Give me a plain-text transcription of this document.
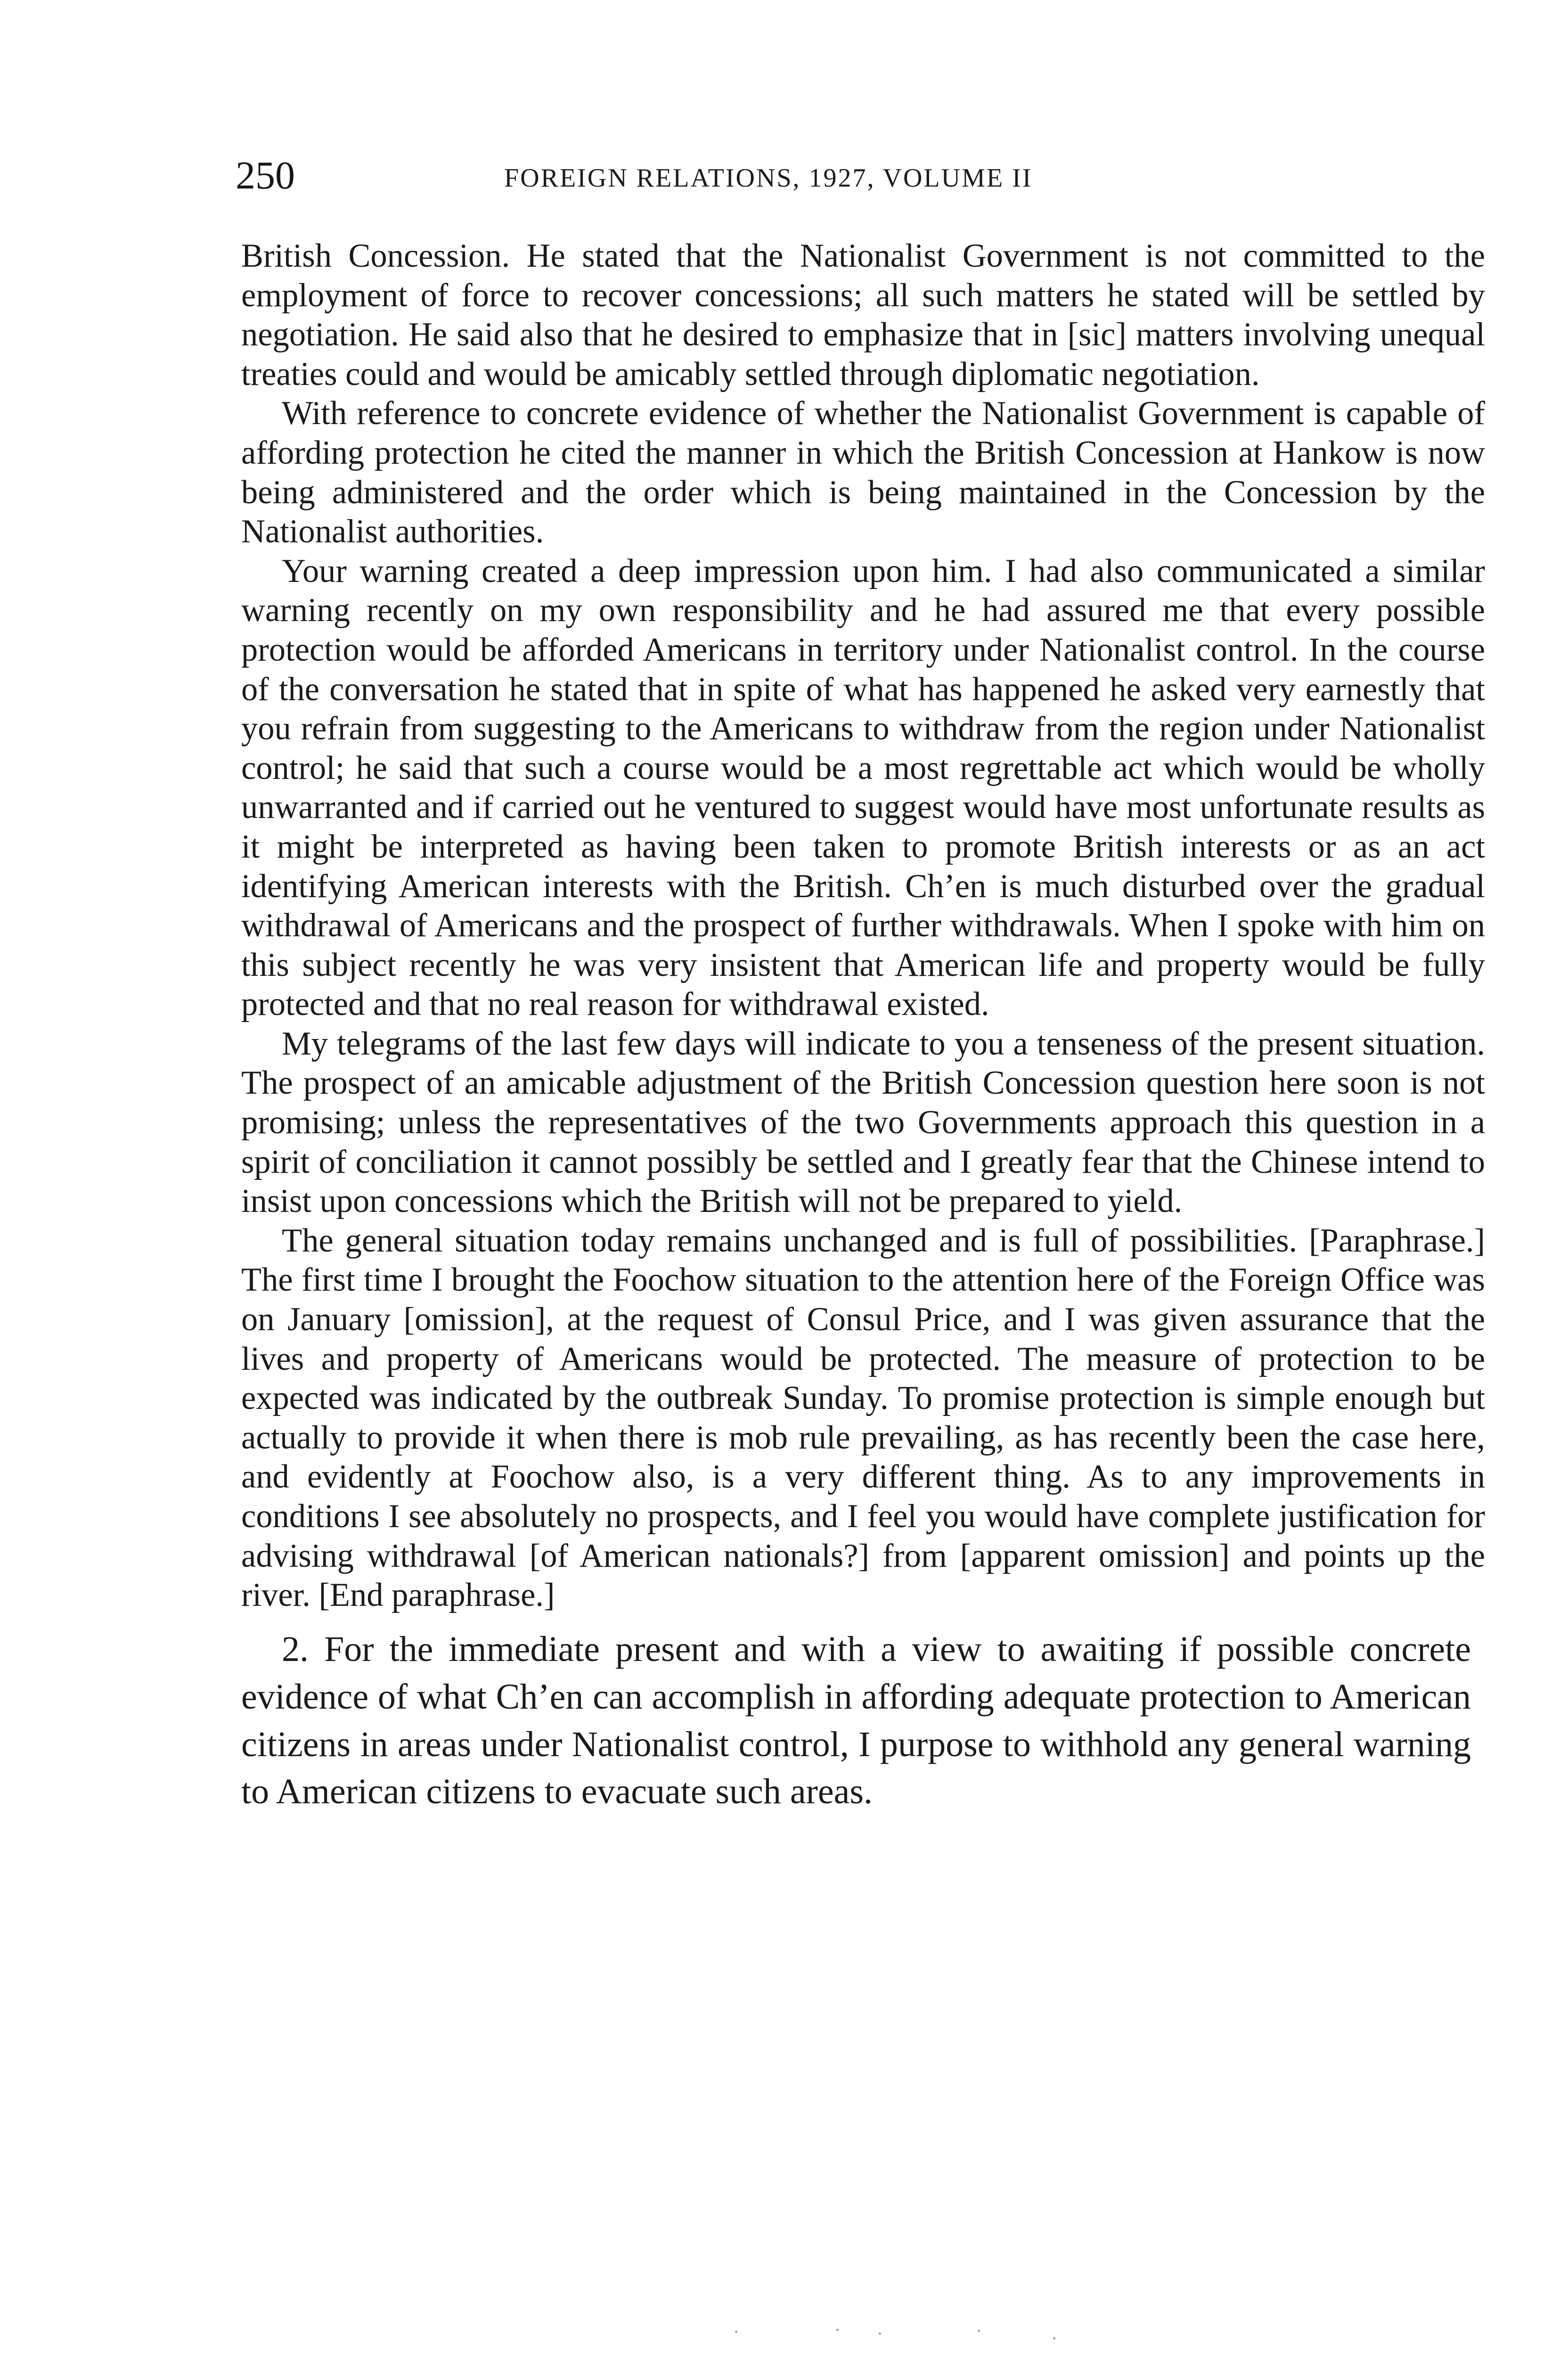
250	FOREIGN RELATIONS, 1927, VOLUME II

British Concession. He stated that the Nationalist Government is not committed to the employment of force to recover concessions; all such matters he stated will be settled by negotiation. He said also that he desired to emphasize that in [sic] matters involving unequal treaties could and would be amicably settled through diplomatic negotiation.

With reference to concrete evidence of whether the Nationalist Government is capable of affording protection he cited the manner in which the British Concession at Hankow is now being administered and the order which is being maintained in the Concession by the Nationalist authorities.

Your warning created a deep impression upon him. I had also communicated a similar warning recently on my own responsibility and he had assured me that every possible protection would be afforded Americans in territory under Nationalist control. In the course of the conversation he stated that in spite of what has happened he asked very earnestly that you refrain from suggesting to the Americans to withdraw from the region under Nationalist control; he said that such a course would be a most regrettable act which would be wholly unwarranted and if carried out he ventured to suggest would have most unfortunate results as it might be interpreted as having been taken to promote British interests or as an act identifying American interests with the British. Ch’en is much disturbed over the gradual withdrawal of Americans and the prospect of further withdrawals. When I spoke with him on this subject recently he was very insistent that American life and property would be fully protected and that no real reason for withdrawal existed.

My telegrams of the last few days will indicate to you a tenseness of the present situation. The prospect of an amicable adjustment of the British Concession question here soon is not promising; unless the representatives of the two Governments approach this question in a spirit of conciliation it cannot possibly be settled and I greatly fear that the Chinese intend to insist upon concessions which the British will not be prepared to yield.

The general situation today remains unchanged and is full of possibilities. [Paraphrase.] The first time I brought the Foochow situation to the attention here of the Foreign Office was on January [omission], at the request of Consul Price, and I was given assurance that the lives and property of Americans would be protected. The measure of protection to be expected was indicated by the outbreak Sunday. To promise protection is simple enough but actually to provide it when there is mob rule prevailing, as has recently been the case here, and evidently at Foochow also, is a very different thing. As to any improvements in conditions I see absolutely no prospects, and I feel you would have complete justification for advising withdrawal [of American nationals?] from [apparent omission] and points up the river. [End paraphrase.]

2. For the immediate present and with a view to awaiting if possible concrete evidence of what Ch’en can accomplish in affording adequate protection to American citizens in areas under Nationalist control, I purpose to withhold any general warning to American citizens to evacuate such areas.
